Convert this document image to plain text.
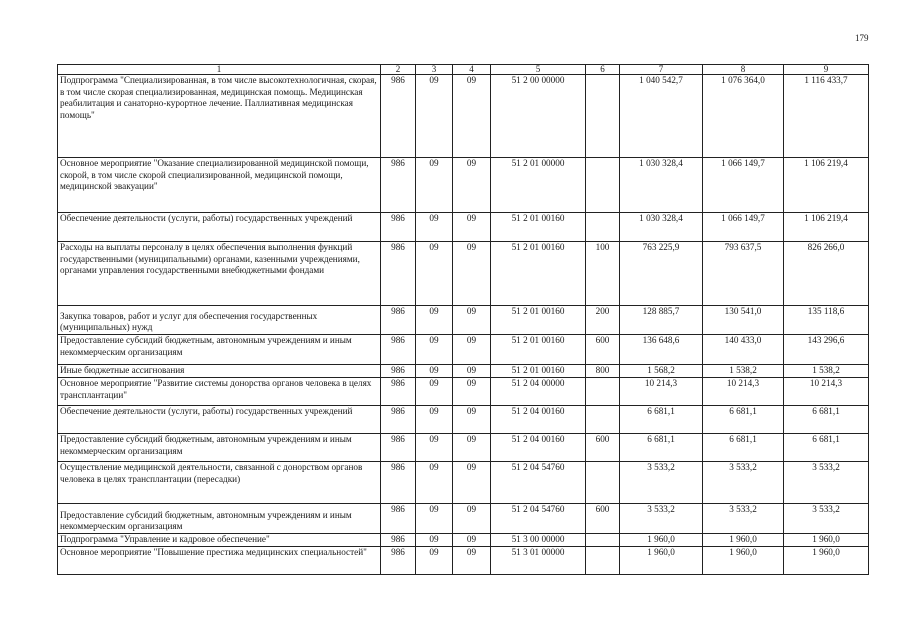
179
1	2	3	4	5	6	7	8	9
Подпрограмма "Специализированная, в том числе высокотехнологичная, скорая, в том числе скорая специализированная, медицинская помощь. Медицинская реабилитация и санаторно-курортное лечение. Паллиативная медицинская помощь"	986	09	09	51 2 00 00000		1 040 542,7	1 076 364,0	1 116 433,7
Основное мероприятие "Оказание специализированной медицинской помощи, скорой, в том числе скорой специализированной, медицинской помощи, медицинской эвакуации"	986	09	09	51 2 01 00000		1 030 328,4	1 066 149,7	1 106 219,4
Обеспечение деятельности (услуги, работы) государственных учреждений	986	09	09	51 2 01 00160		1 030 328,4	1 066 149,7	1 106 219,4
Расходы на выплаты персоналу в целях обеспечения выполнения функций государственными (муниципальными) органами, казенными учреждениями, органами управления государственными внебюджетными фондами	986	09	09	51 2 01 00160	100	763 225,9	793 637,5	826 266,0
Закупка товаров, работ и услуг для обеспечения государственных (муниципальных) нужд	986	09	09	51 2 01 00160	200	128 885,7	130 541,0	135 118,6
Предоставление субсидий бюджетным, автономным учреждениям и иным некоммерческим организациям	986	09	09	51 2 01 00160	600	136 648,6	140 433,0	143 296,6
Иные бюджетные ассигнования	986	09	09	51 2 01 00160	800	1 568,2	1 538,2	1 538,2
Основное мероприятие "Развитие системы донорства органов человека в целях трансплантации"	986	09	09	51 2 04 00000		10 214,3	10 214,3	10 214,3
Обеспечение деятельности (услуги, работы) государственных учреждений	986	09	09	51 2 04 00160		6 681,1	6 681,1	6 681,1
Предоставление субсидий бюджетным, автономным учреждениям и иным некоммерческим организациям	986	09	09	51 2 04 00160	600	6 681,1	6 681,1	6 681,1
Осуществление медицинской деятельности, связанной с донорством органов человека в целях трансплантации (пересадки)	986	09	09	51 2 04 54760		3 533,2	3 533,2	3 533,2
Предоставление субсидий бюджетным, автономным учреждениям и иным некоммерческим организациям	986	09	09	51 2 04 54760	600	3 533,2	3 533,2	3 533,2
Подпрограмма "Управление и кадровое обеспечение"	986	09	09	51 3 00 00000		1 960,0	1 960,0	1 960,0
Основное мероприятие "Повышение престижа медицинских специальностей"	986	09	09	51 3 01 00000		1 960,0	1 960,0	1 960,0
